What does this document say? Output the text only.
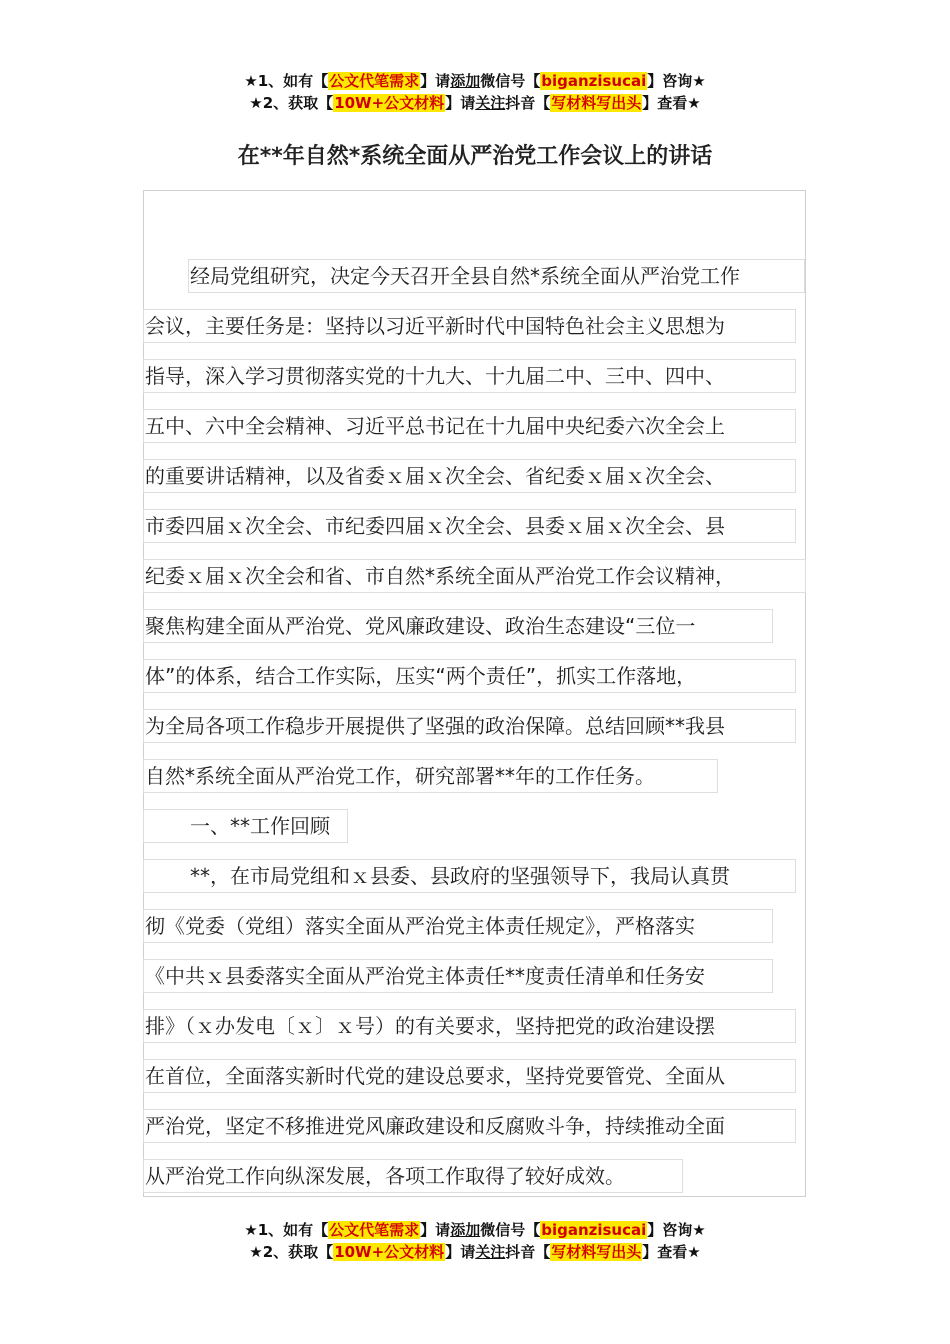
★1、如有【公文代笔需求】请添加微信号【biganzisucai】咨询★
★2、获取【10W+公文材料】请关注抖音【写材料写出头】查看★
在**年自然*系统全面从严治党工作会议上的讲话
经局党组研究，决定今天召开全县自然*系统全面从严治党工作
会议，主要任务是：坚持以习近平新时代中国特色社会主义思想为
指导，深入学习贯彻落实党的十九大、十九届二中、三中、四中、
五中、六中全会精神、习近平总书记在十九届中央纪委六次全会上
的重要讲话精神，以及省委ｘ届ｘ次全会、省纪委ｘ届ｘ次全会、
市委四届ｘ次全会、市纪委四届ｘ次全会、县委ｘ届ｘ次全会、县
纪委ｘ届ｘ次全会和省、市自然*系统全面从严治党工作会议精神，
聚焦构建全面从严治党、党风廉政建设、政治生态建设“三位一
体”的体系，结合工作实际，压实“两个责任”，抓实工作落地，
为全局各项工作稳步开展提供了坚强的政治保障。总结回顾**我县
自然*系统全面从严治党工作，研究部署**年的工作任务。
一、**工作回顾
**，在市局党组和ｘ县委、县政府的坚强领导下，我局认真贯
彻《党委（党组）落实全面从严治党主体责任规定》，严格落实
《中共ｘ县委落实全面从严治党主体责任**度责任清单和任务安
排》（ｘ办发电〔ｘ〕ｘ号）的有关要求，坚持把党的政治建设摆
在首位，全面落实新时代党的建设总要求，坚持党要管党、全面从
严治党，坚定不移推进党风廉政建设和反腐败斗争，持续推动全面
从严治党工作向纵深发展，各项工作取得了较好成效。
★1、如有【公文代笔需求】请添加微信号【biganzisucai】咨询★
★2、获取【10W+公文材料】请关注抖音【写材料写出头】查看★
